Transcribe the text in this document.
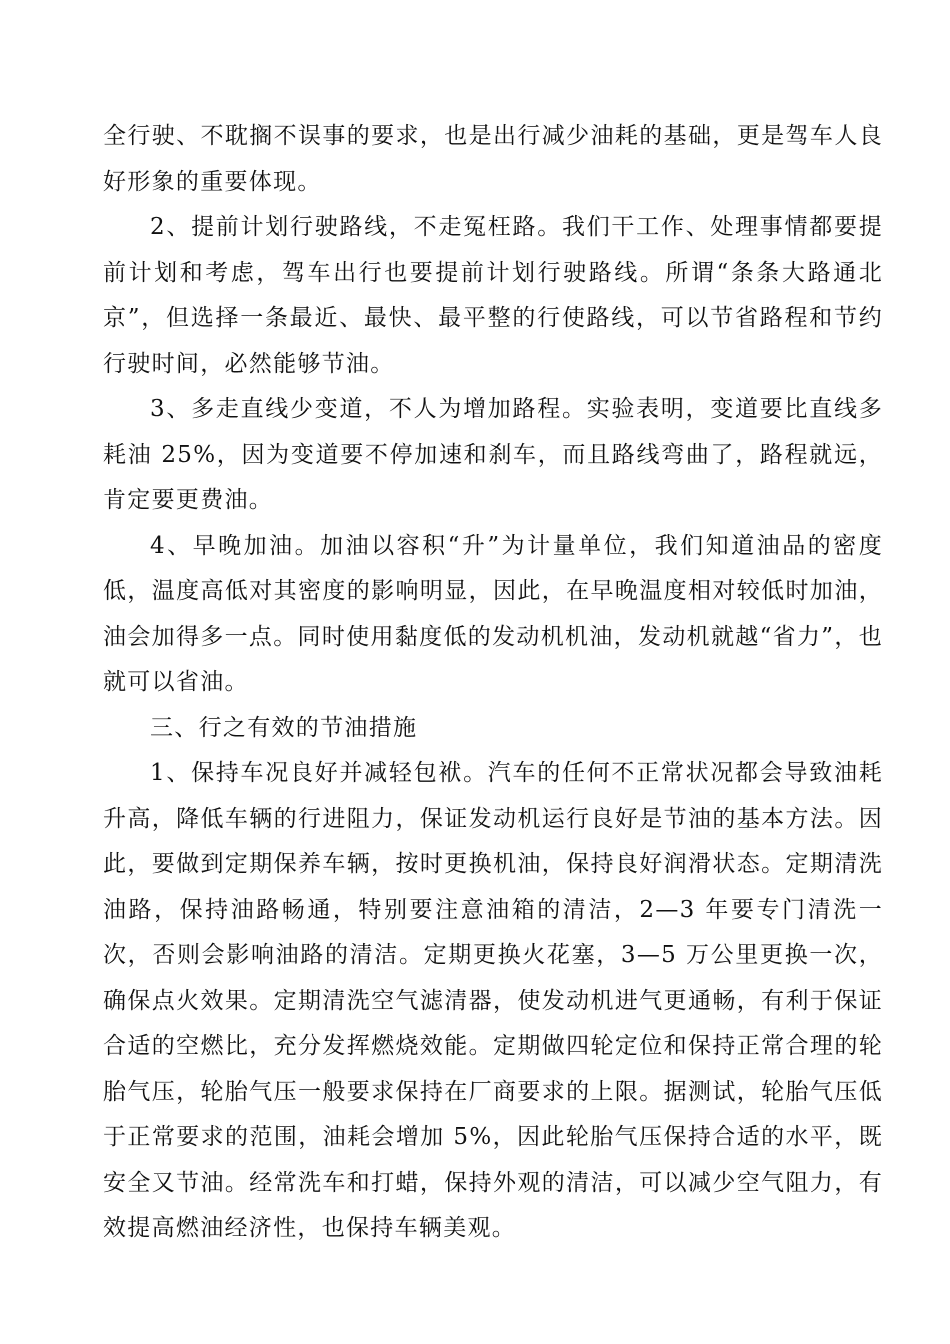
全行驶、不耽搁不误事的要求，也是出行减少油耗的基础，更是驾车人良好形象的重要体现。

2、提前计划行驶路线，不走冤枉路。我们干工作、处理事情都要提前计划和考虑，驾车出行也要提前计划行驶路线。所谓“条条大路通北京”，但选择一条最近、最快、最平整的行使路线，可以节省路程和节约行驶时间，必然能够节油。

3、多走直线少变道，不人为增加路程。实验表明，变道要比直线多耗油 25%，因为变道要不停加速和刹车，而且路线弯曲了，路程就远，肯定要更费油。

4、早晚加油。加油以容积“升”为计量单位，我们知道油品的密度低，温度高低对其密度的影响明显，因此，在早晚温度相对较低时加油，油会加得多一点。同时使用黏度低的发动机机油，发动机就越“省力”，也就可以省油。

三、行之有效的节油措施

1、保持车况良好并减轻包袱。汽车的任何不正常状况都会导致油耗升高，降低车辆的行进阻力，保证发动机运行良好是节油的基本方法。因此，要做到定期保养车辆，按时更换机油，保持良好润滑状态。定期清洗油路，保持油路畅通，特别要注意油箱的清洁，2—3 年要专门清洗一次，否则会影响油路的清洁。定期更换火花塞，3—5 万公里更换一次，确保点火效果。定期清洗空气滤清器，使发动机进气更通畅，有利于保证合适的空燃比，充分发挥燃烧效能。定期做四轮定位和保持正常合理的轮胎气压，轮胎气压一般要求保持在厂商要求的上限。据测试，轮胎气压低于正常要求的范围，油耗会增加 5%，因此轮胎气压保持合适的水平，既安全又节油。经常洗车和打蜡，保持外观的清洁，可以减少空气阻力，有效提高燃油经济性，也保持车辆美观。
